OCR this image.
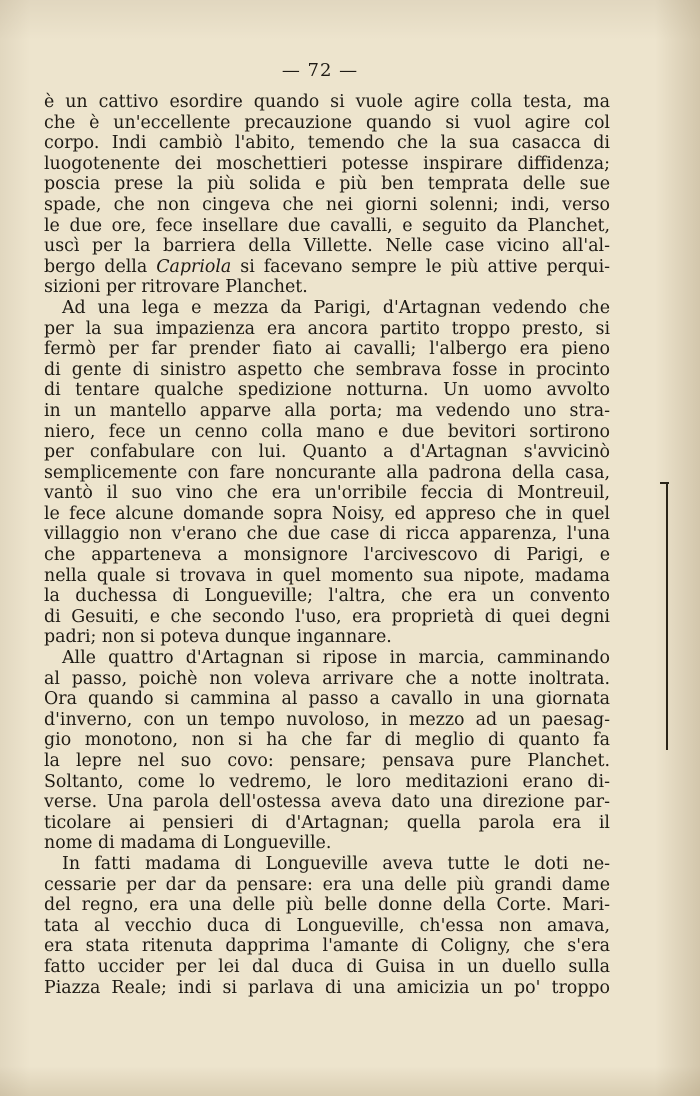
— 72 —
è un cattivo esordire quando si vuole agire colla testa, ma
che è un'eccellente precauzione quando si vuol agire col
corpo. Indi cambiò l'abito, temendo che la sua casacca di
luogotenente dei moschettieri potesse inspirare diffidenza;
poscia prese la più solida e più ben temprata delle sue
spade, che non cingeva che nei giorni solenni; indi, verso
le due ore, fece insellare due cavalli, e seguito da Planchet,
uscì per la barriera della Villette. Nelle case vicino all'al-
bergo della Capriola si facevano sempre le più attive perqui-
sizioni per ritrovare Planchet.
Ad una lega e mezza da Parigi, d'Artagnan vedendo che
per la sua impazienza era ancora partito troppo presto, si
fermò per far prender fiato ai cavalli; l'albergo era pieno
di gente di sinistro aspetto che sembrava fosse in procinto
di tentare qualche spedizione notturna. Un uomo avvolto
in un mantello apparve alla porta; ma vedendo uno stra-
niero, fece un cenno colla mano e due bevitori sortirono
per confabulare con lui. Quanto a d'Artagnan s'avvicinò
semplicemente con fare noncurante alla padrona della casa,
vantò il suo vino che era un'orribile feccia di Montreuil,
le fece alcune domande sopra Noisy, ed appreso che in quel
villaggio non v'erano che due case di ricca apparenza, l'una
che apparteneva a monsignore l'arcivescovo di Parigi, e
nella quale si trovava in quel momento sua nipote, madama
la duchessa di Longueville; l'altra, che era un convento
di Gesuiti, e che secondo l'uso, era proprietà di quei degni
padri; non si poteva dunque ingannare.
Alle quattro d'Artagnan si ripose in marcia, camminando
al passo, poichè non voleva arrivare che a notte inoltrata.
Ora quando si cammina al passo a cavallo in una giornata
d'inverno, con un tempo nuvoloso, in mezzo ad un paesag-
gio monotono, non si ha che far di meglio di quanto fa
la lepre nel suo covo: pensare; pensava pure Planchet.
Soltanto, come lo vedremo, le loro meditazioni erano di-
verse. Una parola dell'ostessa aveva dato una direzione par-
ticolare ai pensieri di d'Artagnan; quella parola era il
nome di madama di Longueville.
In fatti madama di Longueville aveva tutte le doti ne-
cessarie per dar da pensare: era una delle più grandi dame
del regno, era una delle più belle donne della Corte. Mari-
tata al vecchio duca di Longueville, ch'essa non amava,
era stata ritenuta dapprima l'amante di Coligny, che s'era
fatto uccider per lei dal duca di Guisa in un duello sulla
Piazza Reale; indi si parlava di una amicizia un po' troppo
